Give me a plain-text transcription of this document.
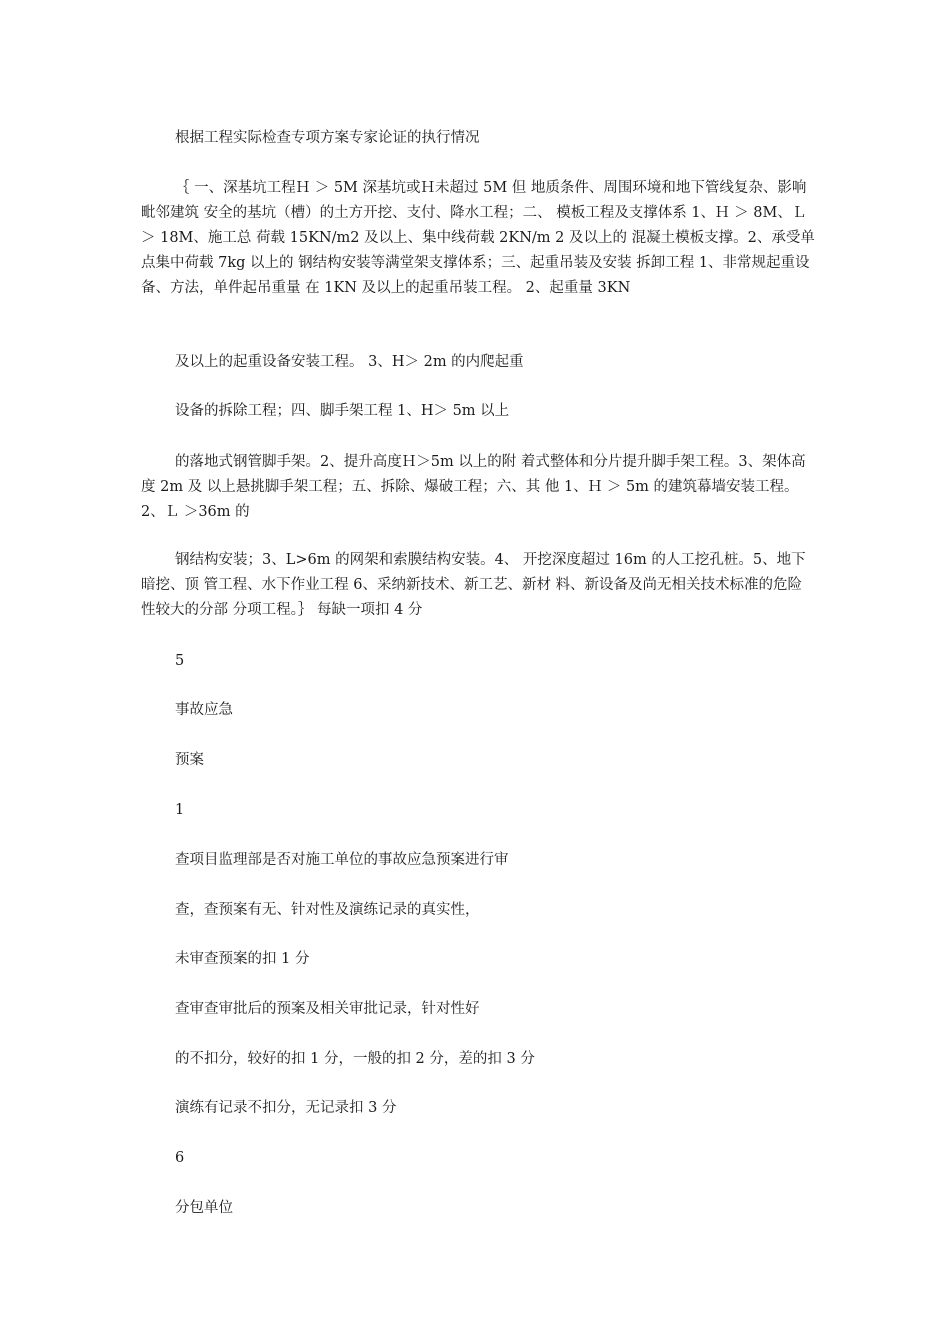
根据工程实际检查专项方案专家论证的执行情况

｛ 一、深基坑工程Ｈ ＞ 5M 深基坑或Ｈ未超过 5M 但 地质条件、周围环境和地下管线复杂、影响毗邻建筑 安全的基坑（槽）的土方开挖、支付、降水工程；二、 模板工程及支撑体系 1、Ｈ ＞ 8M、Ｌ ＞ 18M、施工总 荷载 15KN/m2 及以上、集中线荷载 2KN/m 2 及以上的 混凝土模板支撑。2、承受单点集中荷载 7kg 以上的 钢结构安装等满堂架支撑体系；三、起重吊装及安装 拆卸工程 1、非常规起重设备、方法，单件起吊重量 在 1KN 及以上的起重吊装工程。 2、起重量 3KN

及以上的起重设备安装工程。 3、H＞ 2m 的内爬起重

设备的拆除工程；四、脚手架工程 1、H＞ 5m 以上

的落地式钢管脚手架。2、提升高度Ｈ＞5m 以上的附 着式整体和分片提升脚手架工程。3、架体高度 2m 及 以上悬挑脚手架工程；五、拆除、爆破工程；六、其 他 1、Ｈ ＞ 5m 的建筑幕墙安装工程。2、Ｌ ＞36m 的

钢结构安装；3、L>6m 的网架和索膜结构安装。4、 开挖深度超过 16m 的人工挖孔桩。5、地下暗挖、顶 管工程、水下作业工程 6、采纳新技术、新工艺、新材 料、新设备及尚无相关技术标准的危险性较大的分部 分项工程。｝ 每缺一项扣 4 分

5

事故应急

预案

1

查项目监理部是否对施工单位的事故应急预案进行审

查，查预案有无、针对性及演练记录的真实性，

未审查预案的扣 1 分

查审查审批后的预案及相关审批记录，针对性好

的不扣分，较好的扣 1 分，一般的扣 2 分，差的扣 3 分

演练有记录不扣分，无记录扣 3 分

6

分包单位
